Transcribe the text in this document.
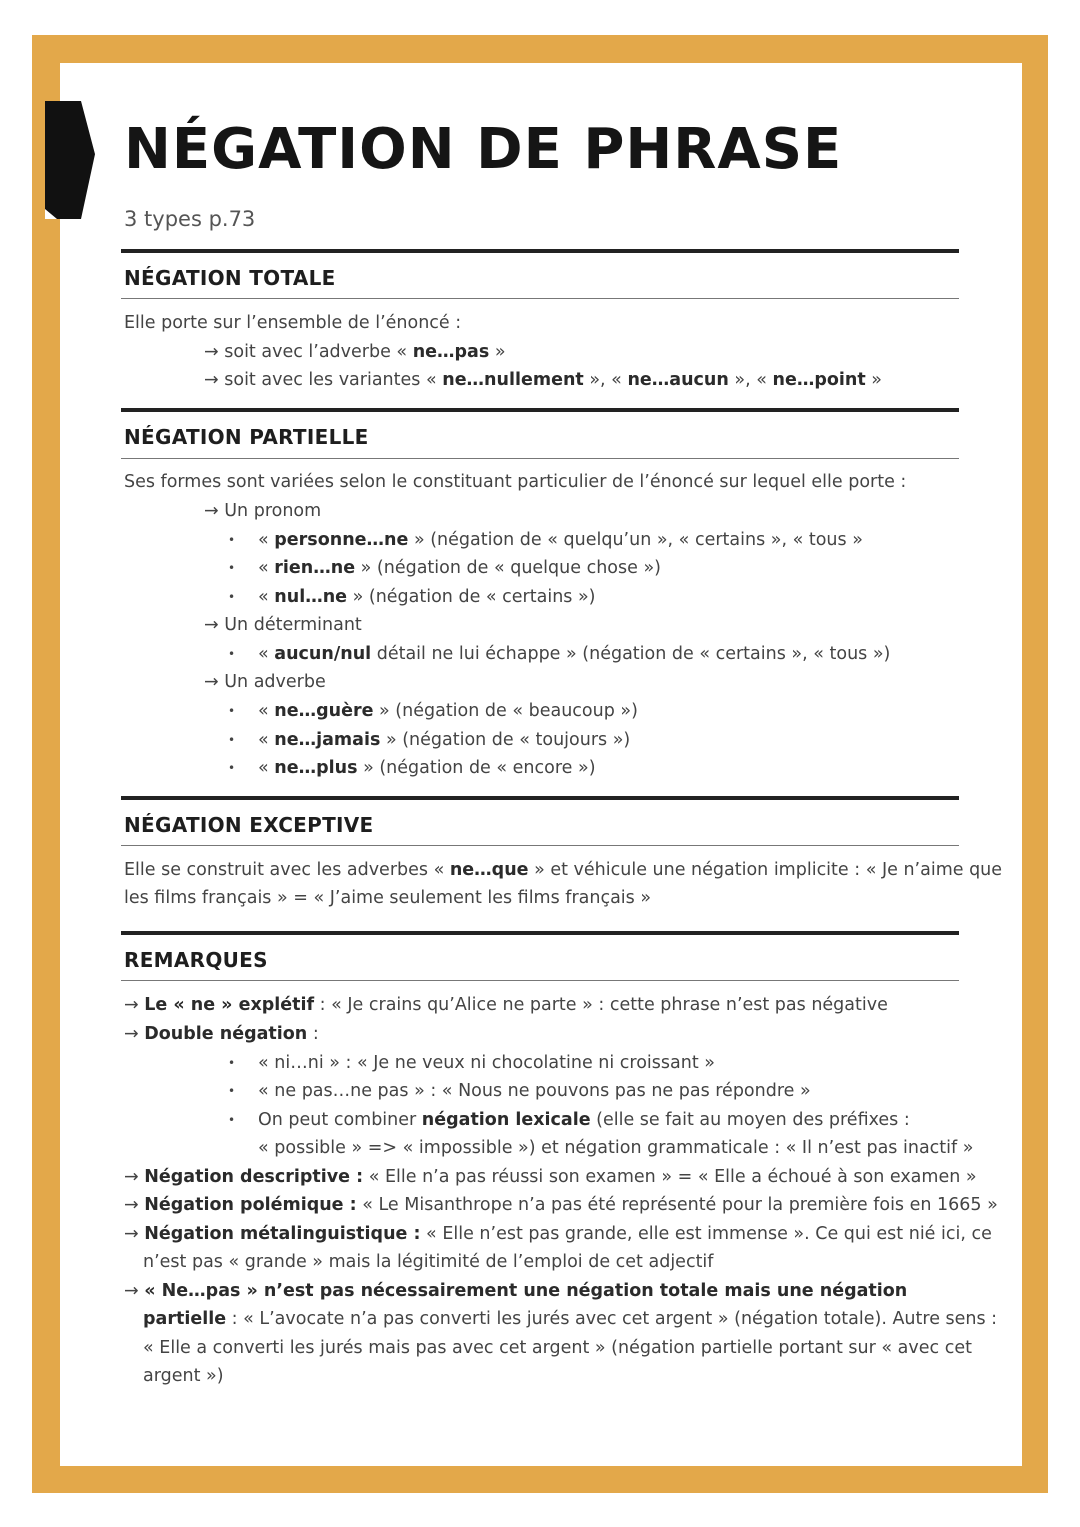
NÉGATION DE PHRASE
3 types p.73
NÉGATION TOTALE
Elle porte sur l’ensemble de l’énoncé :
→ soit avec l’adverbe « ne…pas »
→ soit avec les variantes « ne…nullement », « ne…aucun », « ne…point »
NÉGATION PARTIELLE
Ses formes sont variées selon le constituant particulier de l’énoncé sur lequel elle porte :
→ Un pronom
• « personne…ne » (négation de « quelqu’un », « certains », « tous »
• « rien…ne » (négation de « quelque chose »)
• « nul…ne » (négation de « certains »)
→ Un déterminant
• « aucun/nul détail ne lui échappe » (négation de « certains », « tous »)
→ Un adverbe
• « ne…guère » (négation de « beaucoup »)
• « ne…jamais » (négation de « toujours »)
• « ne…plus » (négation de « encore »)
NÉGATION EXCEPTIVE
Elle se construit avec les adverbes « ne…que » et véhicule une négation implicite : « Je n’aime que
les films français » = « J’aime seulement les films français »
REMARQUES
→ Le « ne » explétif : « Je crains qu’Alice ne parte » : cette phrase n’est pas négative
→ Double négation :
• « ni…ni » : « Je ne veux ni chocolatine ni croissant »
• « ne pas…ne pas » : « Nous ne pouvons pas ne pas répondre »
• On peut combiner négation lexicale (elle se fait au moyen des préfixes :
« possible » => « impossible ») et négation grammaticale : « Il n’est pas inactif »
→ Négation descriptive : « Elle n’a pas réussi son examen » = « Elle a échoué à son examen »
→ Négation polémique : « Le Misanthrope n’a pas été représenté pour la première fois en 1665 »
→ Négation métalinguistique : « Elle n’est pas grande, elle est immense ». Ce qui est nié ici, ce
n’est pas « grande » mais la légitimité de l’emploi de cet adjectif
→ « Ne…pas » n’est pas nécessairement une négation totale mais une négation
partielle : « L’avocate n’a pas converti les jurés avec cet argent » (négation totale). Autre sens :
« Elle a converti les jurés mais pas avec cet argent » (négation partielle portant sur « avec cet
argent »)
